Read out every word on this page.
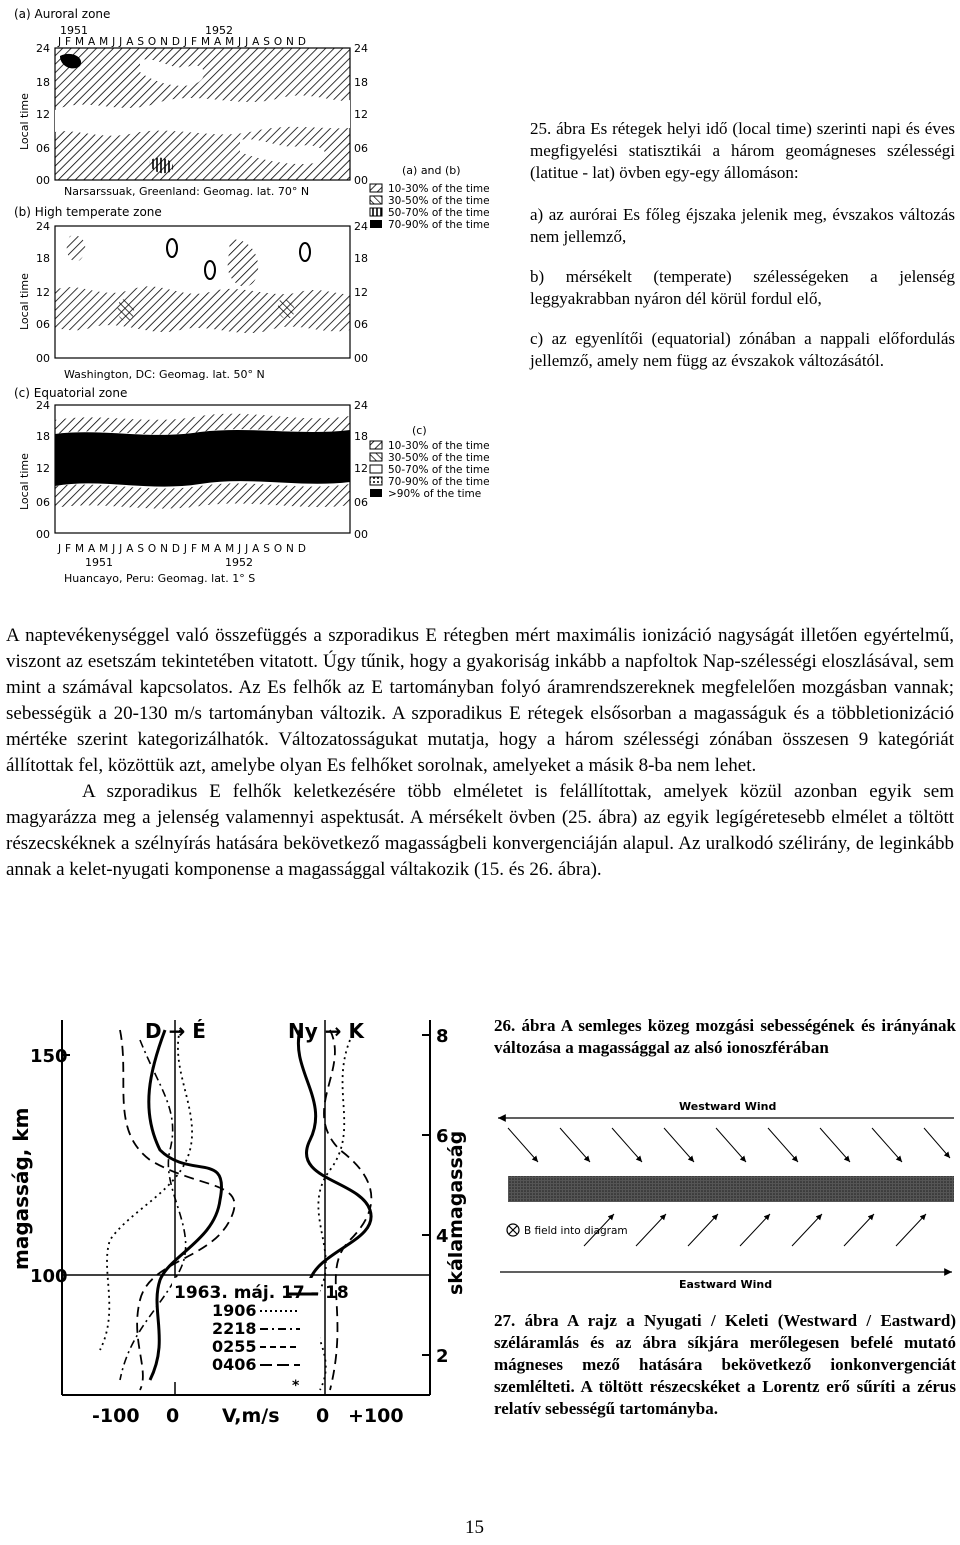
(a) Auroral zone
1951	1952
J F M A M J J A S O N D J F M A M J J A S O N D
24
18
12
06
00
24
18
12
06
00
Local time
Narsarssuak, Greenland: Geomag. lat. 70° N
(b) High temperate zone
24
18
12
06
00
24
18
12
06
00
Local time
Washington, DC: Geomag. lat. 50° N
(c) Equatorial zone
24
18
12
06
00
24
18
12
06
00
Local time
J F M A M J J A S O N D J F M A M J J A S O N D
1951	1952
Huancayo, Peru: Geomag. lat. 1° S
(a) and (b)
10-30% of the time
30-50% of the time
50-70% of the time
70-90% of the time
(c)
10-30% of the time
30-50% of the time
50-70% of the time
70-90% of the time
>90% of the time
25. ábra Es rétegek helyi idő (local time) szerinti napi és éves megfigyelési statisztikái a három geomágneses szélességi (latitue - lat) övben egy-egy állomáson:
a) az aurórai Es főleg éjszaka jelenik meg, évszakos változás nem jellemző,
b) mérsékelt (temperate) szélességeken a jelenség leggyakrabban nyáron dél körül fordul elő,
c) az egyenlítői (equatorial) zónában a nappali előfordulás jellemző, amely nem függ az évszakok változásától.
A naptevékenységgel való összefüggés a szporadikus E rétegben mért maximális ionizáció nagyságát illetően egyértelmű, viszont az esetszám tekintetében vitatott. Úgy tűnik, hogy a gyakoriság inkább a napfoltok Nap-szélességi eloszlásával, sem mint a számával kapcsolatos. Az Es felhők az E tartományban folyó áramrendszereknek megfelelően mozgásban vannak; sebességük a 20-130 m/s tartományban változik. A szporadikus E rétegek elsősorban a magasságuk és a többletionizáció mértéke szerint kategorizálhatók. Változatosságukat mutatja, hogy a három szélességi zónában összesen 9 kategóriát állítottak fel, közöttük azt, amelybe olyan Es felhőket sorolnak, amelyeket a másik 8-ba nem lehet.
A szporadikus E felhők keletkezésére több elméletet is felállítottak, amelyek közül azonban egyik sem magyarázza meg a jelenség valamennyi aspektusát. A mérsékelt övben (25. ábra) az egyik legígéretesebb elmélet a töltött részecskéknek a szélnyírás hatására bekövetkező magasságbeli konvergenciáján alapul. Az uralkodó szélirány, de leginkább annak a kelet-nyugati komponense a magassággal váltakozik (15. és 26. ábra).
D → É	Ny → K
magasság, km	skálamagasság
150
100
8
6
4
2
-100 0 V,m/s 0 +100
1963. máj. 17 – 18
1906
2218
0255
0406
*
26. ábra A semleges közeg mozgási sebességének és irányának változása a magassággal az alsó ionoszférában
Westward Wind
B field into diagram
Eastward Wind
27. ábra A rajz a Nyugati / Keleti (Westward / Eastward) széláramlás és az ábra síkjára merőlegesen befelé mutató mágneses mező hatására bekövetkező ionkonvergenciát szemlélteti. A töltött részecskéket a Lorentz erő sűríti a zérus relatív sebességű tartományba.
15
